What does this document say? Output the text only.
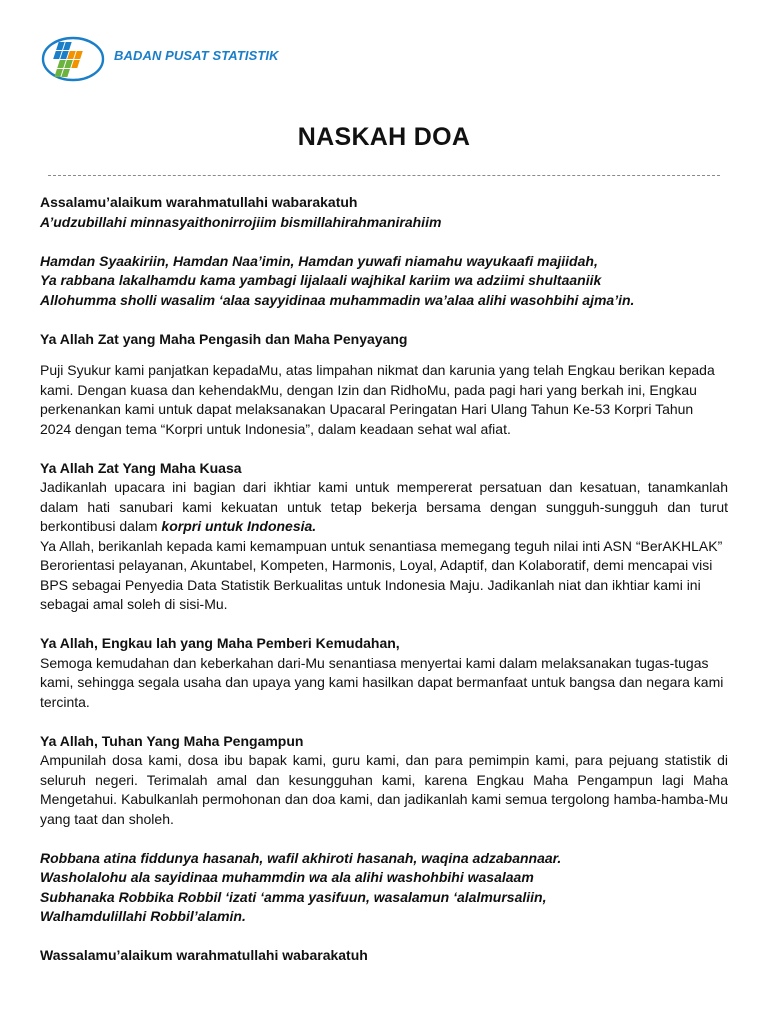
BADAN PUSAT STATISTIK
NASKAH DOA

Assalamu’alaikum warahmatullahi wabarakatuh

A’udzubillahi minnasyaithonirrojiim bismillahirahmanirahiim

Hamdan Syaakiriin, Hamdan Naa’imin, Hamdan yuwafi niamahu wayukaafi majiidah,

Ya rabbana lakalhamdu kama yambagi lijalaali wajhikal kariim wa adziimi shultaaniik

Allohumma sholli wasalim ‘alaa sayyidinaa muhammadin wa’alaa alihi wasohbihi ajma’in.

Ya Allah Zat yang Maha Pengasih dan Maha Penyayang

Puji Syukur kami panjatkan kepadaMu, atas limpahan nikmat dan karunia yang telah Engkau berikan kepada kami. Dengan kuasa dan kehendakMu, dengan Izin dan RidhoMu, pada pagi hari yang berkah ini, Engkau perkenankan kami untuk dapat melaksanakan Upacaral Peringatan Hari Ulang Tahun Ke-53 Korpri Tahun 2024 dengan tema “Korpri untuk Indonesia”, dalam keadaan sehat wal afiat.

Ya Allah Zat Yang Maha Kuasa

Jadikanlah upacara ini bagian dari ikhtiar kami untuk mempererat persatuan dan kesatuan, tanamkanlah dalam hati sanubari kami kekuatan untuk tetap bekerja bersama dengan sungguh-sungguh dan turut berkontibusi dalam korpri untuk Indonesia.

Ya Allah, berikanlah kepada kami kemampuan untuk senantiasa memegang teguh nilai inti ASN “BerAKHLAK” Berorientasi pelayanan, Akuntabel, Kompeten, Harmonis, Loyal, Adaptif, dan Kolaboratif, demi mencapai visi BPS sebagai Penyedia Data Statistik Berkualitas untuk Indonesia Maju. Jadikanlah niat dan ikhtiar kami ini sebagai amal soleh di sisi-Mu.

Ya Allah, Engkau lah yang Maha Pemberi Kemudahan,

Semoga kemudahan dan keberkahan dari-Mu senantiasa menyertai kami dalam melaksanakan tugas-tugas kami, sehingga segala usaha dan upaya yang kami hasilkan dapat bermanfaat untuk bangsa dan negara kami tercinta.

Ya Allah, Tuhan Yang Maha Pengampun

Ampunilah dosa kami, dosa ibu bapak kami, guru kami, dan para pemimpin kami, para pejuang statistik di seluruh negeri. Terimalah amal dan kesungguhan kami, karena Engkau Maha Pengampun lagi Maha Mengetahui. Kabulkanlah permohonan dan doa kami, dan jadikanlah kami semua tergolong hamba-hamba-Mu yang taat dan sholeh.

Robbana atina fiddunya hasanah, wafil akhiroti hasanah, waqina adzabannaar.

Washolalohu ala sayidinaa muhammdin wa ala alihi washohbihi wasalaam

Subhanaka Robbika Robbil ‘izati ‘amma yasifuun, wasalamun ‘alalmursaliin,

Walhamdulillahi Robbil’alamin.

Wassalamu’alaikum warahmatullahi wabarakatuh
